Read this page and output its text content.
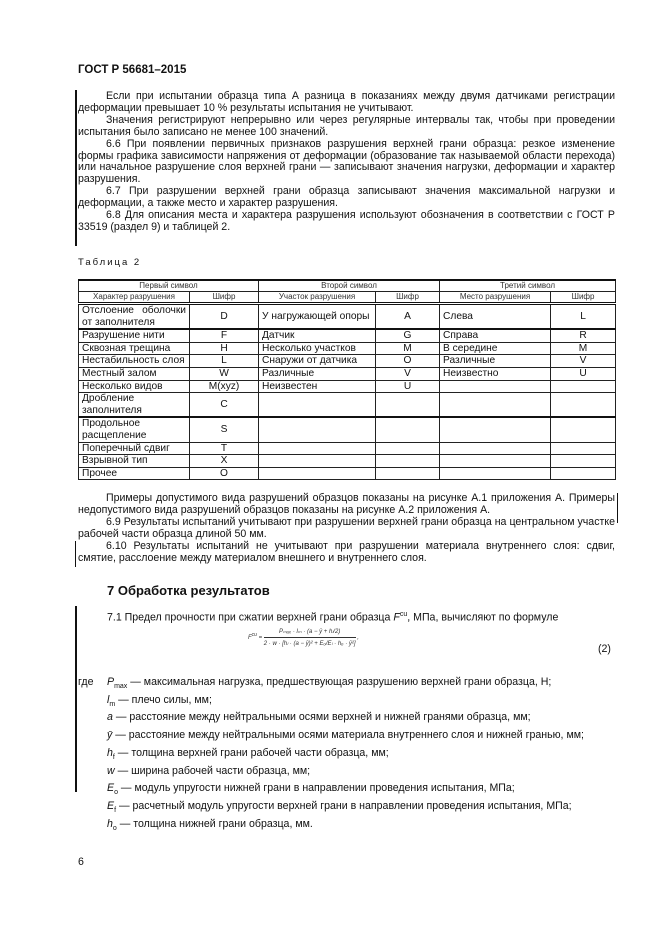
ГОСТ Р 56681–2015

Если при испытании образца типа А разница в показаниях между двумя датчиками регистрации деформации превышает 10 % результаты испытания не учитывают.

Значения регистрируют непрерывно или через регулярные интервалы так, чтобы при проведении испытания было записано не менее 100 значений.

6.6 При появлении первичных признаков разрушения верхней грани образца: резкое изменение формы графика зависимости напряжения от деформации (образование так называемой области перехода) или начальное разрушение слоя верхней грани — записывают значения нагрузки, деформации и характер разрушения.

6.7 При разрушении верхней грани образца записывают значения максимальной нагрузки и деформации, а также место и характер разрушения.

6.8 Для описания места и характера разрушения используют обозначения в соответствии с ГОСТ Р 33519 (раздел 9) и таблицей 2.

Таблица 2
Первый символ		Второй символ		Третий символ	
Характер разрушения	Шифр	Участок разрушения	Шифр	Место разрушения	Шифр
Отслоение оболочки от заполнителя	D	У нагружающей опоры	A	Слева	L
Разрушение нити	F	Датчик	G	Справа	R
Сквозная трещина	H	Несколько участков	M	В середине	M
Нестабильность слоя	L	Снаружи от датчика	O	Различные	V
Местный залом	W	Различные	V	Неизвестно	U
Несколько видов	M(xyz)	Неизвестен	U		
Дробление заполнителя	C				
Продольное расщепление	S				
Поперечный сдвиг	T				
Взрывной тип	X				
Прочее	O				

Примеры допустимого вида разрушений образцов показаны на рисунке А.1 приложения А. Примеры недопустимого вида разрушений образцов показаны на рисунке А.2 приложения А.

6.9 Результаты испытаний учитывают при разрушении верхней грани образца на центральном участке рабочей части образца длиной 50 мм.

6.10 Результаты испытаний не учитывают при разрушении материала внутреннего слоя: сдвиг, смятие, расслоение между материалом внешнего и внутреннего слоя.

7 Обработка результатов
7.1 Предел прочности при сжатии верхней грани образца $F^{cu}$, МПа, вычисляют по формуле
$F^{cu} = \frac{\text{Pₘₐₓ · lₘ · (a − ȳ + hₗ/2)}}{\text{2 · w · [hₗ · (a − ȳ)² + Eₒ/Eₗ · hₒ · ȳ²]}}$ ,
(2)
где	$P_{max}$ — максимальная нагрузка, предшествующая разрушению верхней грани образца, Н;
$l_m$ — плечо силы, мм;
a — расстояние между нейтральными осями верхней и нижней гранями образца, мм;
ȳ — расстояние между нейтральными осями материала внутреннего слоя и нижней гранью, мм;
$h_f$ — толщина верхней грани рабочей части образца, мм;
w — ширина рабочей части образца, мм;
$E_o$ — модуль упругости нижней грани в направлении проведения испытания, МПа;
$E_f$ — расчетный модуль упругости верхней грани в направлении проведения испытания, МПа;
$h_o$ — толщина нижней грани образца, мм.
6
